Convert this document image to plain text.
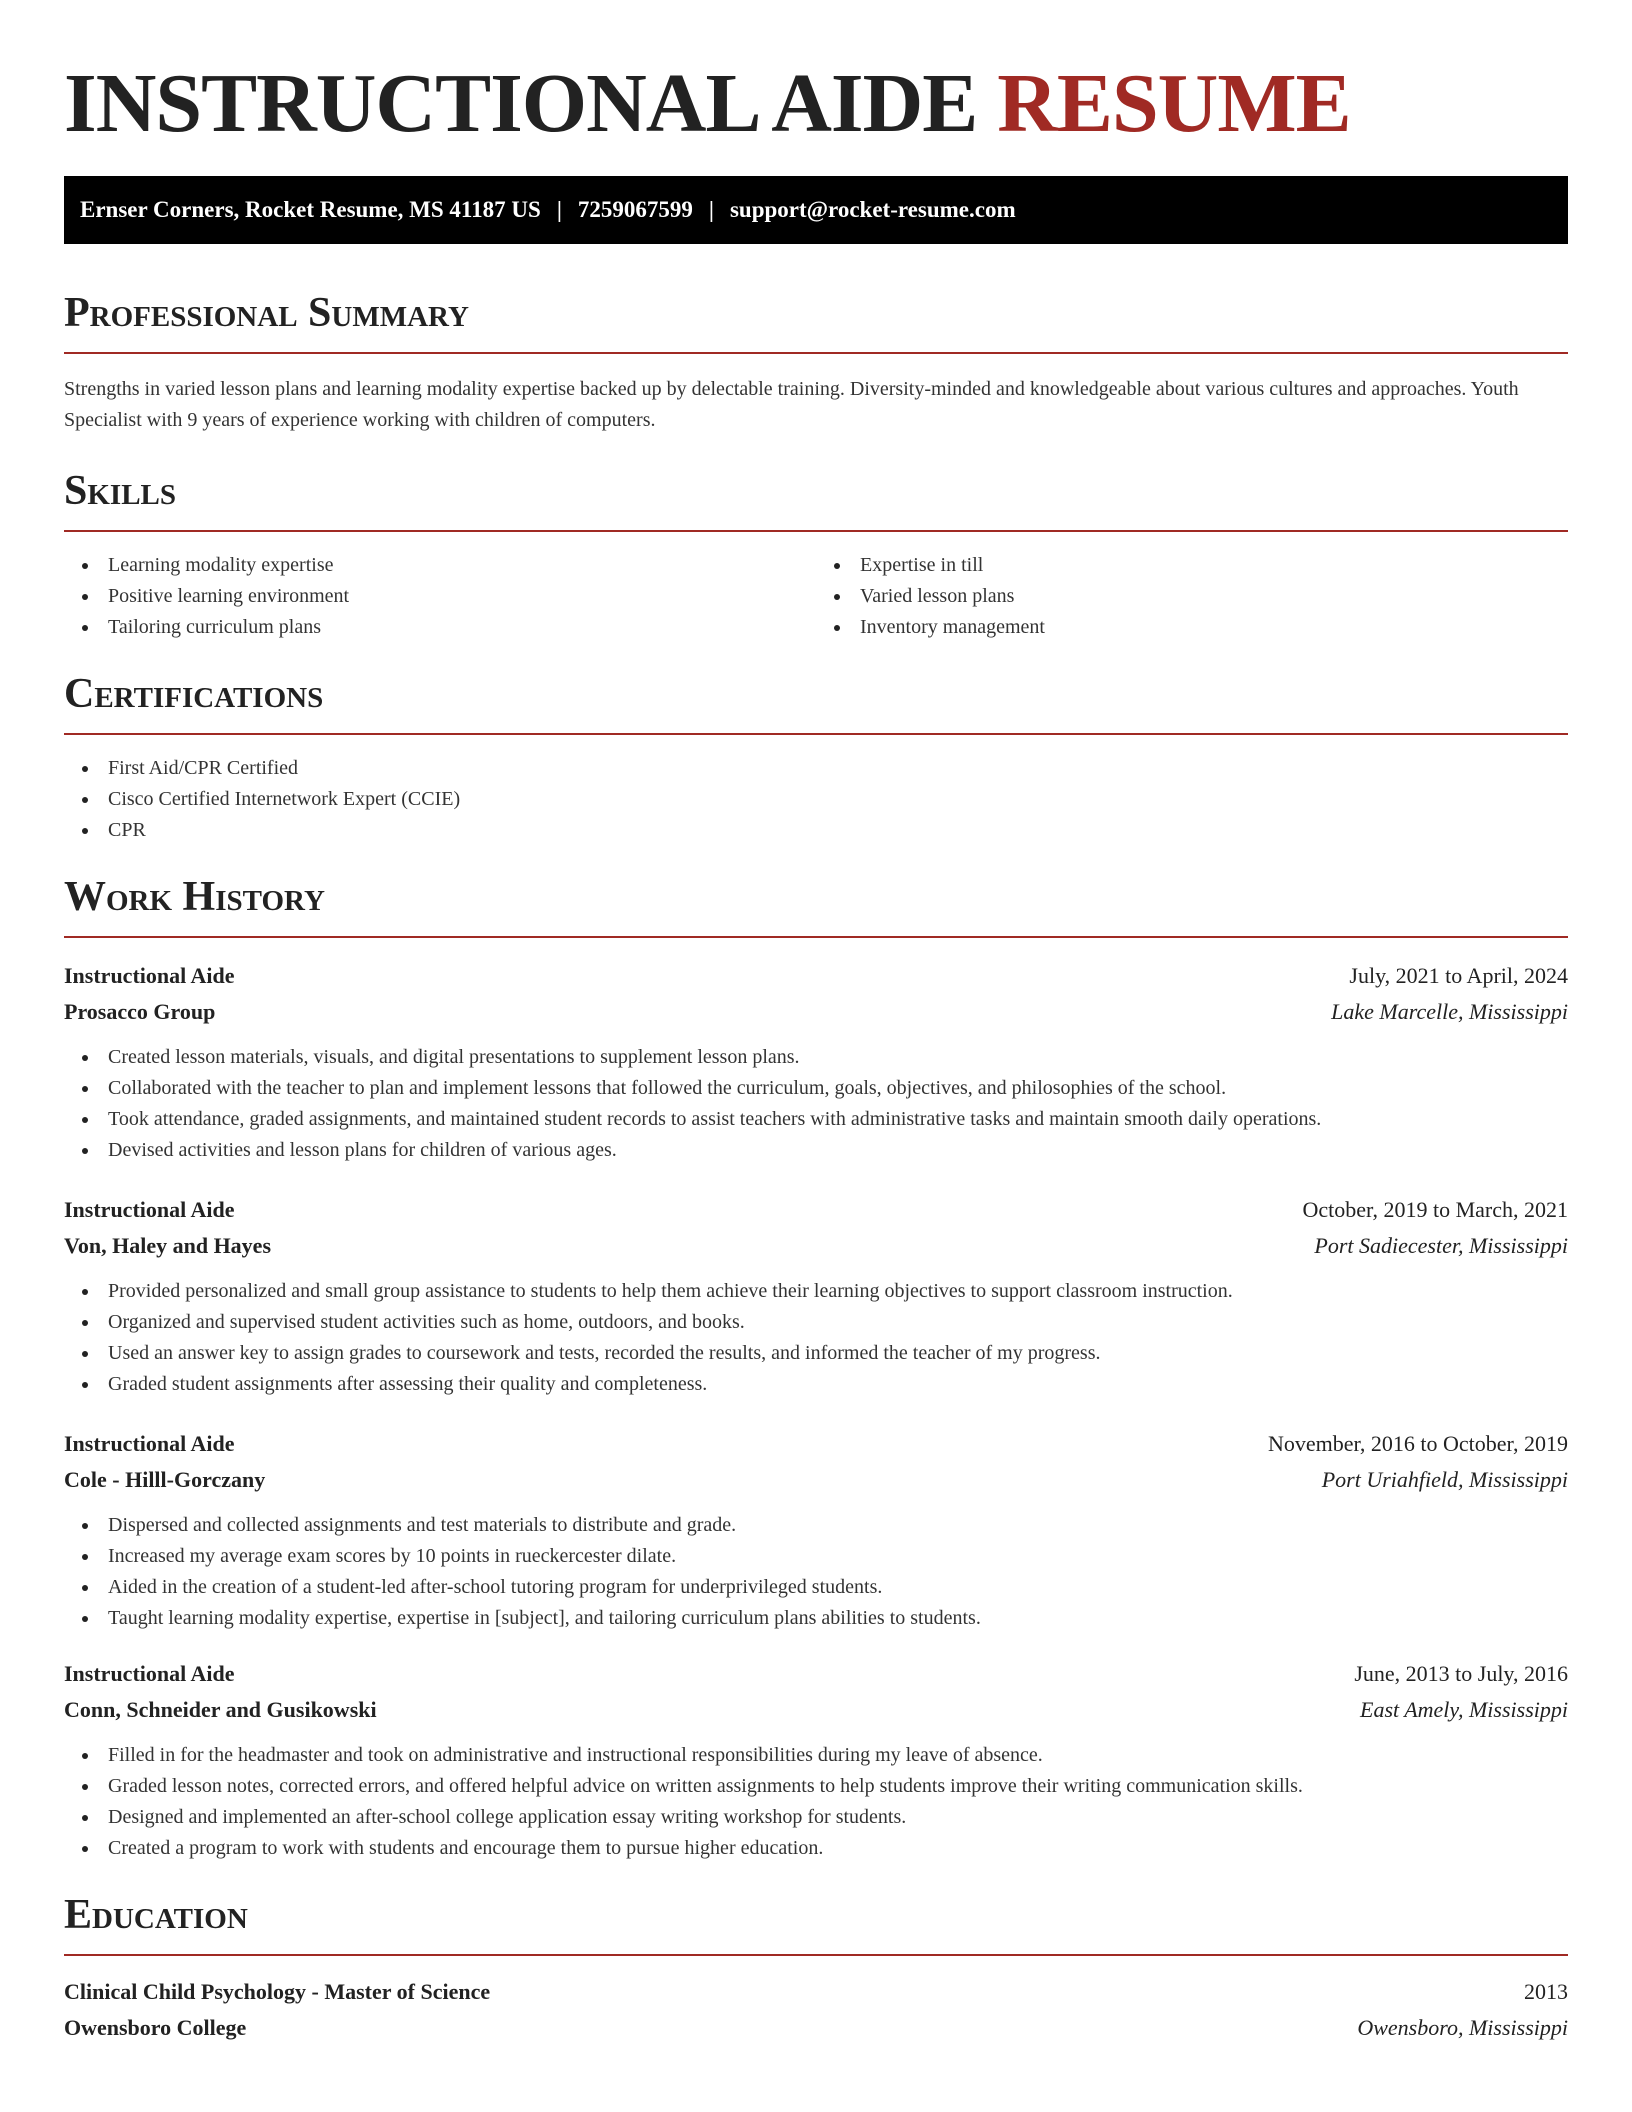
INSTRUCTIONAL AIDE RESUME
Ernser Corners, Rocket Resume, MS 41187 US | 7259067599 | support@rocket-resume.com
Professional Summary

Strengths in varied lesson plans and learning modality expertise backed up by delectable training. Diversity-minded and knowledgeable about various cultures and approaches. Youth Specialist with 9 years of experience working with children of computers.

Skills
Learning modality expertise
Positive learning environment
Tailoring curriculum plans
Expertise in till
Varied lesson plans
Inventory management
Certifications
First Aid/CPR Certified
Cisco Certified Internetwork Expert (CCIE)
CPR
Work History
Instructional Aide	July, 2021 to April, 2024
Prosacco Group	Lake Marcelle, Mississippi
Created lesson materials, visuals, and digital presentations to supplement lesson plans.
Collaborated with the teacher to plan and implement lessons that followed the curriculum, goals, objectives, and philosophies of the school.
Took attendance, graded assignments, and maintained student records to assist teachers with administrative tasks and maintain smooth daily operations.
Devised activities and lesson plans for children of various ages.
Instructional Aide	October, 2019 to March, 2021
Von, Haley and Hayes	Port Sadiecester, Mississippi
Provided personalized and small group assistance to students to help them achieve their learning objectives to support classroom instruction.
Organized and supervised student activities such as home, outdoors, and books.
Used an answer key to assign grades to coursework and tests, recorded the results, and informed the teacher of my progress.
Graded student assignments after assessing their quality and completeness.
Instructional Aide	November, 2016 to October, 2019
Cole - Hilll-Gorczany	Port Uriahfield, Mississippi
Dispersed and collected assignments and test materials to distribute and grade.
Increased my average exam scores by 10 points in rueckercester dilate.
Aided in the creation of a student-led after-school tutoring program for underprivileged students.
Taught learning modality expertise, expertise in [subject], and tailoring curriculum plans abilities to students.
Instructional Aide	June, 2013 to July, 2016
Conn, Schneider and Gusikowski	East Amely, Mississippi
Filled in for the headmaster and took on administrative and instructional responsibilities during my leave of absence.
Graded lesson notes, corrected errors, and offered helpful advice on written assignments to help students improve their writing communication skills.
Designed and implemented an after-school college application essay writing workshop for students.
Created a program to work with students and encourage them to pursue higher education.
Education
Clinical Child Psychology - Master of Science	2013
Owensboro College	Owensboro, Mississippi
